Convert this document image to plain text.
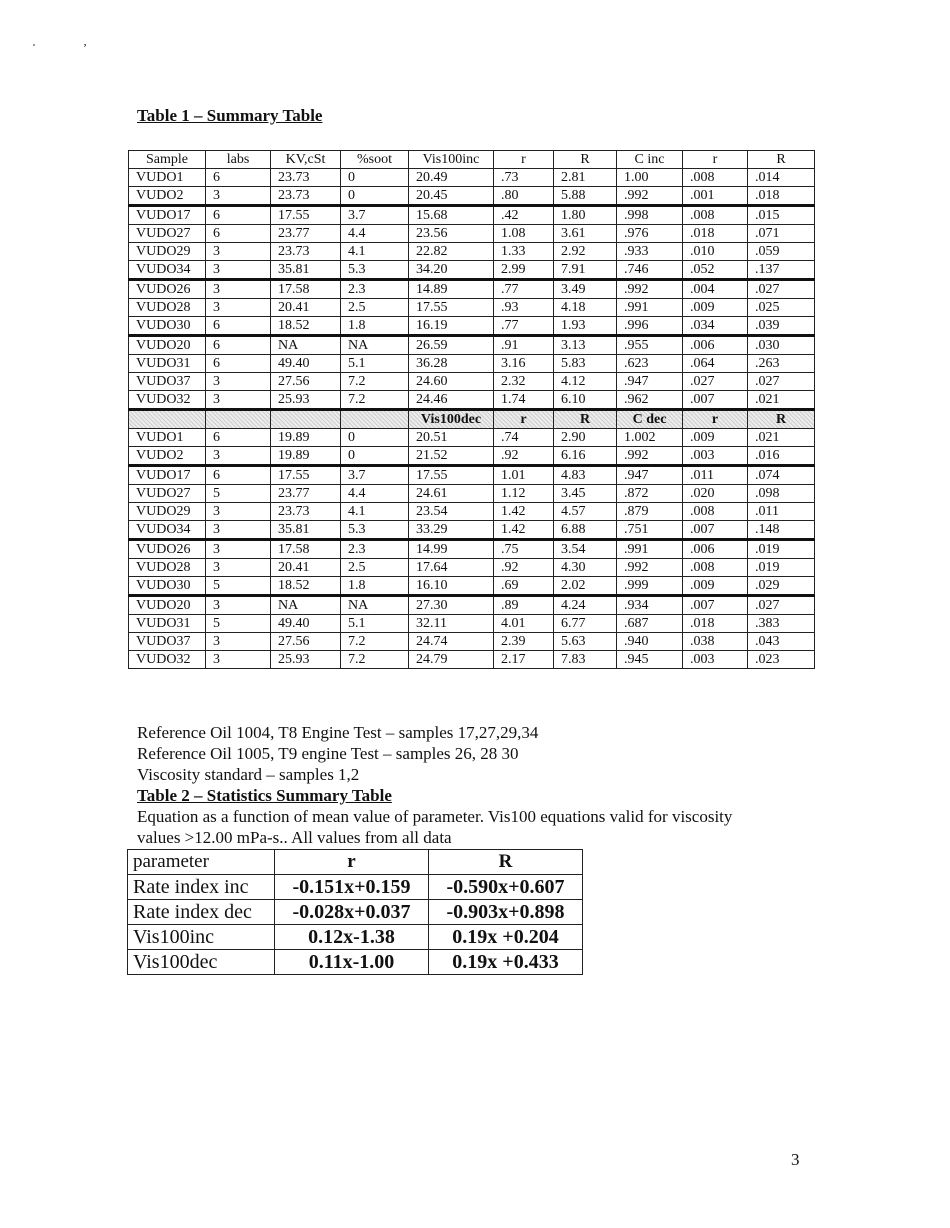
‚
Table 1 – Summary Table
Sample	labs	KV,cSt	%soot	Vis100inc	r	R	C inc	r	R
VUDO1	6	23.73	0	20.49	.73	2.81	1.00	.008	.014
VUDO2	3	23.73	0	20.45	.80	5.88	.992	.001	.018
VUDO17	6	17.55	3.7	15.68	.42	1.80	.998	.008	.015
VUDO27	6	23.77	4.4	23.56	1.08	3.61	.976	.018	.071
VUDO29	3	23.73	4.1	22.82	1.33	2.92	.933	.010	.059
VUDO34	3	35.81	5.3	34.20	2.99	7.91	.746	.052	.137
VUDO26	3	17.58	2.3	14.89	.77	3.49	.992	.004	.027
VUDO28	3	20.41	2.5	17.55	.93	4.18	.991	.009	.025
VUDO30	6	18.52	1.8	16.19	.77	1.93	.996	.034	.039
VUDO20	6	NA	NA	26.59	.91	3.13	.955	.006	.030
VUDO31	6	49.40	5.1	36.28	3.16	5.83	.623	.064	.263
VUDO37	3	27.56	7.2	24.60	2.32	4.12	.947	.027	.027
VUDO32	3	25.93	7.2	24.46	1.74	6.10	.962	.007	.021
				Vis100dec	r	R	C dec	r	R
VUDO1	6	19.89	0	20.51	.74	2.90	1.002	.009	.021
VUDO2	3	19.89	0	21.52	.92	6.16	.992	.003	.016
VUDO17	6	17.55	3.7	17.55	1.01	4.83	.947	.011	.074
VUDO27	5	23.77	4.4	24.61	1.12	3.45	.872	.020	.098
VUDO29	3	23.73	4.1	23.54	1.42	4.57	.879	.008	.011
VUDO34	3	35.81	5.3	33.29	1.42	6.88	.751	.007	.148
VUDO26	3	17.58	2.3	14.99	.75	3.54	.991	.006	.019
VUDO28	3	20.41	2.5	17.64	.92	4.30	.992	.008	.019
VUDO30	5	18.52	1.8	16.10	.69	2.02	.999	.009	.029
VUDO20	3	NA	NA	27.30	.89	4.24	.934	.007	.027
VUDO31	5	49.40	5.1	32.11	4.01	6.77	.687	.018	.383
VUDO37	3	27.56	7.2	24.74	2.39	5.63	.940	.038	.043
VUDO32	3	25.93	7.2	24.79	2.17	7.83	.945	.003	.023
Reference Oil 1004, T8 Engine Test – samples 17,27,29,34
Reference Oil 1005, T9 engine Test – samples 26, 28 30
Viscosity standard – samples 1,2
Table 2 – Statistics Summary Table
Equation as a function of mean value of parameter. Vis100 equations valid for viscosity
values >12.00 mPa-s.. All values from all data
parameter	r	R
Rate index inc	-0.151x+0.159	-0.590x+0.607
Rate index dec	-0.028x+0.037	-0.903x+0.898
Vis100inc	0.12x-1.38	0.19x +0.204
Vis100dec	0.11x-1.00	0.19x +0.433
3
